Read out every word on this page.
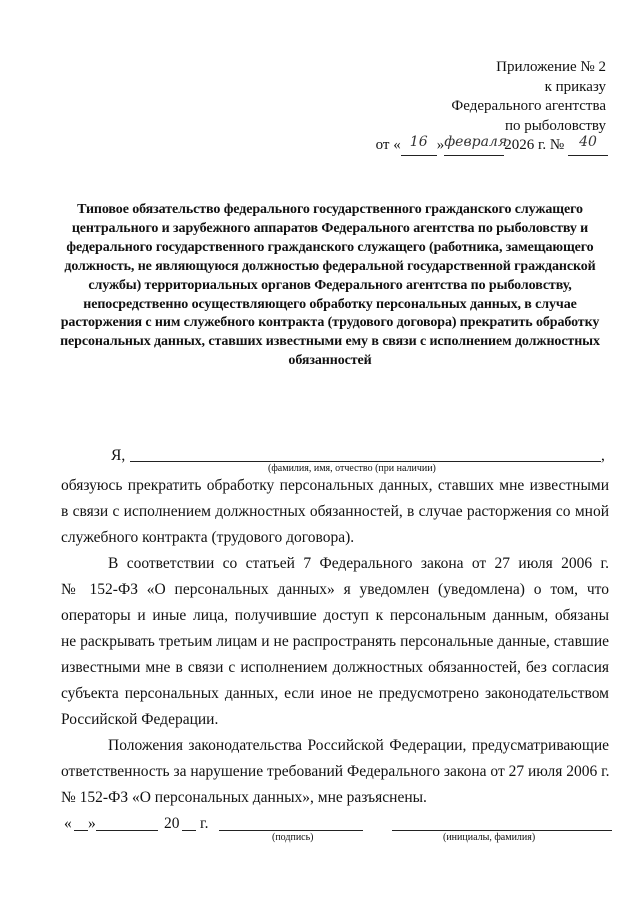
Приложение № 2
к приказу
Федерального агентства
по рыболовству
от « 16 »февраля2026 г. № 40
Типовое обязательство федерального государственного гражданского служащего центрального и зарубежного аппаратов Федерального агентства по рыболовству и федерального государственного гражданского служащего (работника, замещающего должность, не являющуюся должностью федеральной государственной гражданской службы) территориальных органов Федерального агентства по рыболовству, непосредственно осуществляющего обработку персональных данных, в случае расторжения с ним служебного контракта (трудового договора) прекратить обработку персональных данных, ставших известными ему в связи с исполнением должностных обязанностей
Я,	,
(фамилия, имя, отчество (при наличии)
обязуюсь прекратить обработку персональных данных, ставших мне известными
в связи с исполнением должностных обязанностей, в случае расторжения со мной
служебного контракта (трудового договора).
В соответствии со статьей 7 Федерального закона от 27 июля 2006 г.
№ 152-ФЗ «О персональных данных» я уведомлен (уведомлена) о том, что
операторы и иные лица, получившие доступ к персональным данным, обязаны
не раскрывать третьим лицам и не распространять персональные данные, ставшие
известными мне в связи с исполнением должностных обязанностей, без согласия
субъекта персональных данных, если иное не предусмотрено законодательством
Российской Федерации.
Положения законодательства Российской Федерации, предусматривающие
ответственность за нарушение требований Федерального закона от 27 июля 2006 г.
№ 152-ФЗ «О персональных данных», мне разъяснены.
« »	20 г.
(подпись)	(инициалы, фамилия)
